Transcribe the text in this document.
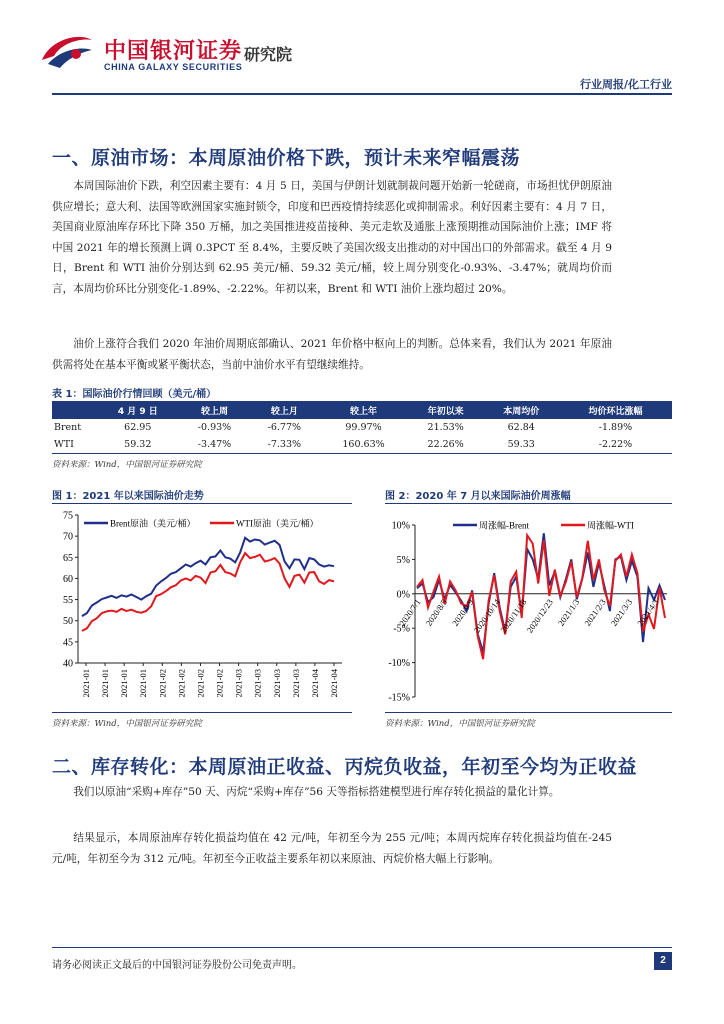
中国银河证券
CHINA GALAXY SECURITIES
研究院
行业周报/化工行业
一、原油市场：本周原油价格下跌，预计未来窄幅震荡
本周国际油价下跌，利空因素主要有：4 月 5 日，美国与伊朗计划就制裁问题开始新一轮磋商，市场担忧伊朗原油供应增长；意大利、法国等欧洲国家实施封锁令，印度和巴西疫情持续恶化或抑制需求。利好因素主要有：4 月 7 日，美国商业原油库存环比下降 350 万桶，加之美国推进疫苗接种、美元走软及通胀上涨预期推动国际油价上涨；IMF 将中国 2021 年的增长预测上调 0.3PCT 至 8.4%，主要反映了美国次级支出推动的对中国出口的外部需求。截至 4 月 9 日，Brent 和 WTI 油价分别达到 62.95 美元/桶、59.32 美元/桶，较上周分别变化-0.93%、-3.47%；就周均价而言，本周均价环比分别变化-1.89%、-2.22%。年初以来，Brent 和 WTI 油价上涨均超过 20%。
油价上涨符合我们 2020 年油价周期底部确认、2021 年价格中枢向上的判断。总体来看，我们认为 2021 年原油供需将处在基本平衡或紧平衡状态，当前中油价水平有望继续维持。
表 1：国际油价行情回顾（美元/桶）
	4 月 9 日	较上周	较上月	较上年	年初以来	本周均价	均价环比涨幅
Brent	62.95	-0.93%	-6.77%	99.97%	21.53%	62.84	-1.89%
WTI	59.32	-3.47%	-7.33%	160.63%	22.26%	59.33	-2.22%
资料来源：Wind，中国银河证券研究院
图 1：2021 年以来国际油价走势	图 2：2020 年 7 月以来国际油价周涨幅
40
45
50
55
60
65
70
75
2021-01 2021-01 2021-01 2021-01 2021-02 2021-02 2021-02 2021-02 2021-03 2021-03 2021-03 2021-03 2021-04 2021-04
Brent原油（美元/桶）	WTI原油（美元/桶）	10%
5%
0%
-5%
-10%
-15%
周涨幅-Brent	周涨幅-WTI
2020/7/1 2020/8/5 2020/9/9
2020/10/14
2020/11/18
2020/12/23 2021/1/3 2021/2/3 2021/3/3 2021/4/3
资料来源：Wind，中国银河证券研究院	资料来源：Wind，中国银河证券研究院
二、库存转化：本周原油正收益、丙烷负收益，年初至今均为正收益
我们以原油“采购+库存”50 天、丙烷“采购+库存”56 天等指标搭建模型进行库存转化损益的量化计算。
结果显示，本周原油库存转化损益均值在 42 元/吨，年初至今为 255 元/吨；本周丙烷库存转化损益均值在-245 元/吨，年初至今为 312 元/吨。年初至今正收益主要系年初以来原油、丙烷价格大幅上行影响。
请务必阅读正文最后的中国银河证券股份公司免责声明。	2
